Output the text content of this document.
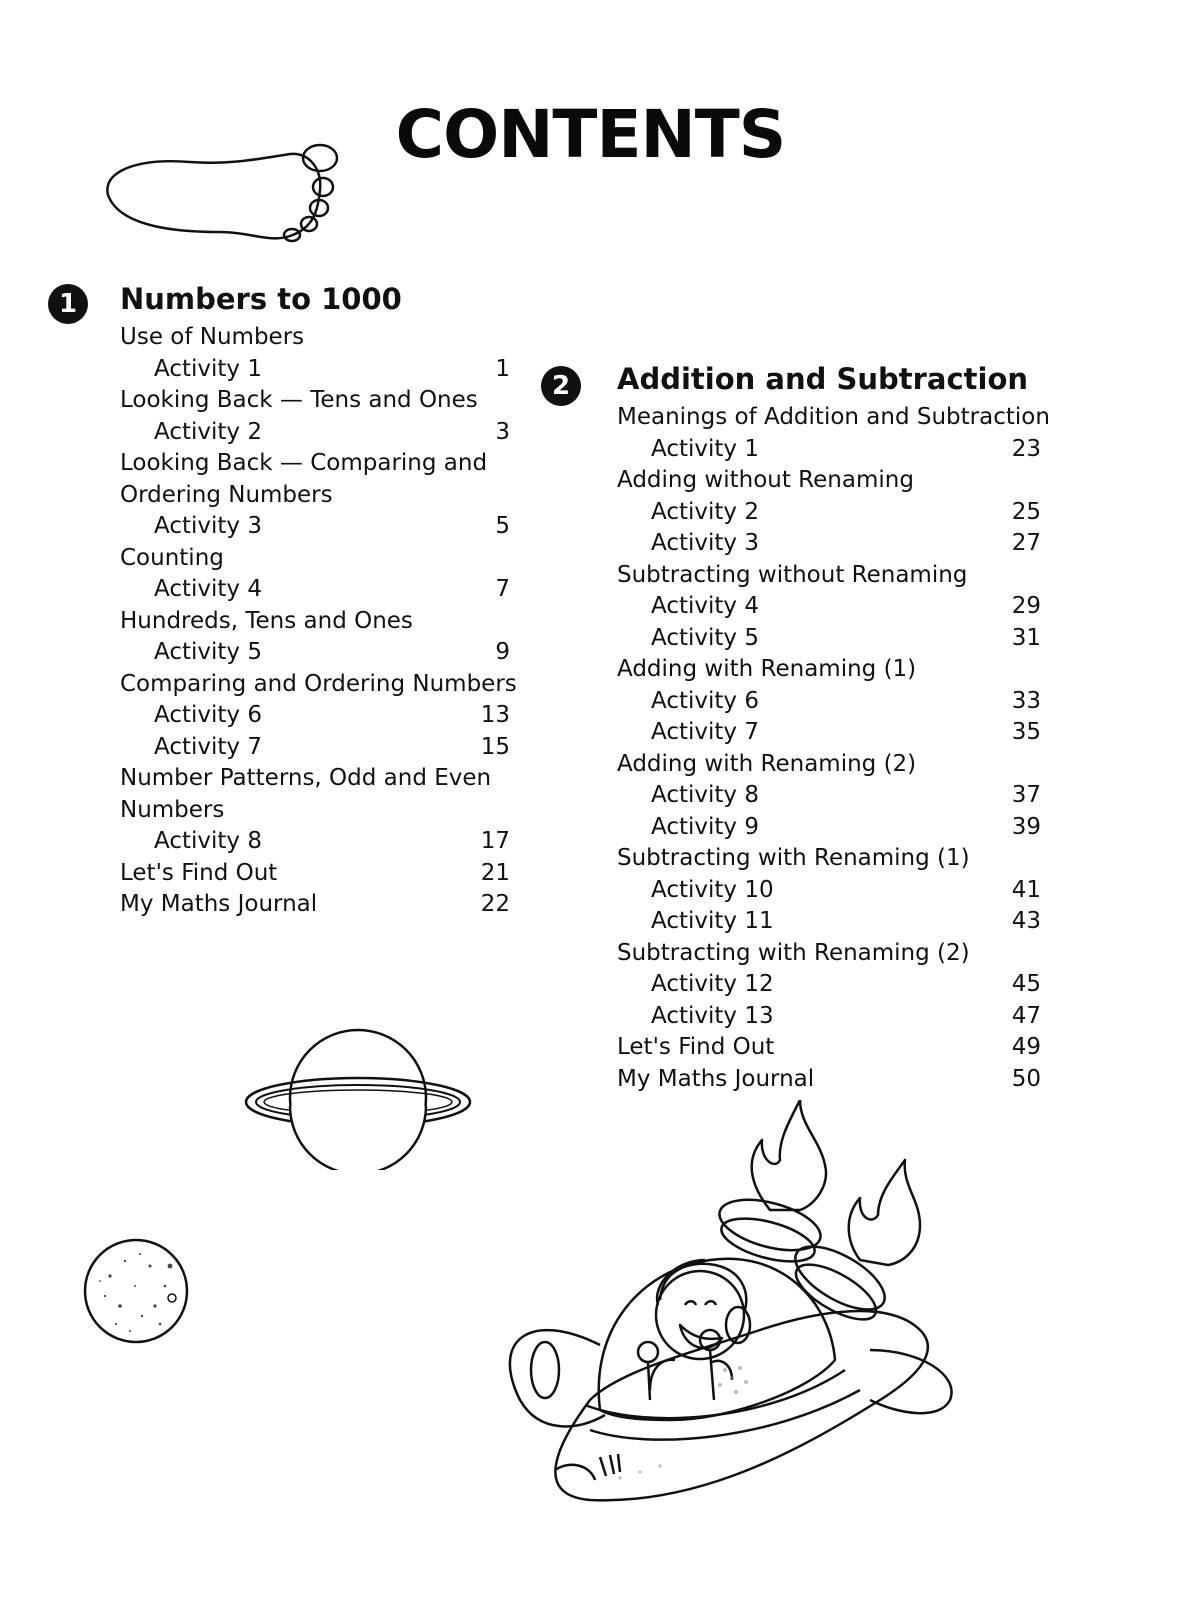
CONTENTS
1	Numbers to 1000
Use of Numbers
Activity 1	1
Looking Back — Tens and Ones
Activity 2	3
Looking Back — Comparing and
Ordering Numbers
Activity 3	5
Counting
Activity 4	7
Hundreds, Tens and Ones
Activity 5	9
Comparing and Ordering Numbers
Activity 6	13
Activity 7	15
Number Patterns, Odd and Even
Numbers
Activity 8	17
Let's Find Out	21
My Maths Journal	22
2	Addition and Subtraction
Meanings of Addition and Subtraction
Activity 1	23
Adding without Renaming
Activity 2	25
Activity 3	27
Subtracting without Renaming
Activity 4	29
Activity 5	31
Adding with Renaming (1)
Activity 6	33
Activity 7	35
Adding with Renaming (2)
Activity 8	37
Activity 9	39
Subtracting with Renaming (1)
Activity 10	41
Activity 11	43
Subtracting with Renaming (2)
Activity 12	45
Activity 13	47
Let's Find Out	49
My Maths Journal	50
